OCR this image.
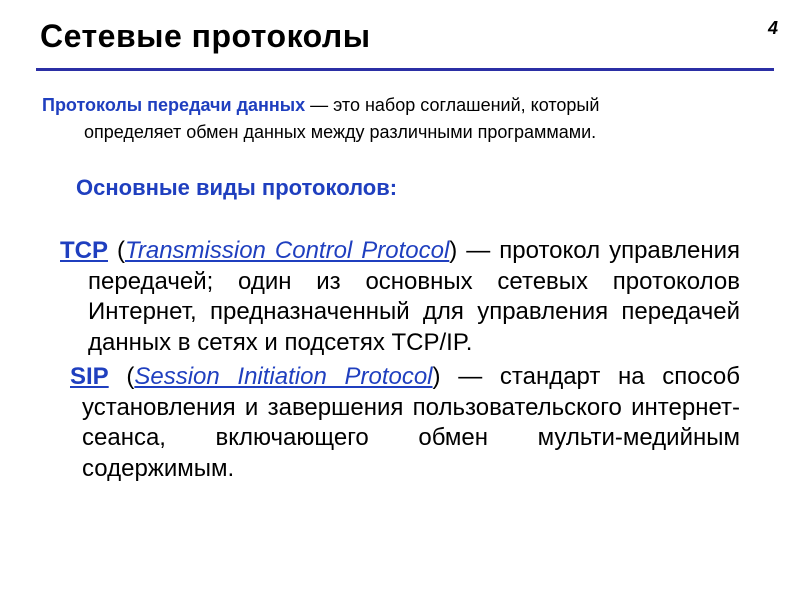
4
Сетевые протоколы
Протоколы передачи данных — это набор соглашений, который
определяет обмен данных между различными программами.
Основные виды протоколов:

TCP (Transmission Control Protocol) — протокол управления передачей; один из основных сетевых протоколов Интернет, предназначенный для управления передачей данных в сетях и подсетях TCP/IP.

SIP (Session Initiation Protocol) — стандарт на способ установления и завершения пользовательского интернет-сеанса, включающего обмен мульти-медийным содержимым.
